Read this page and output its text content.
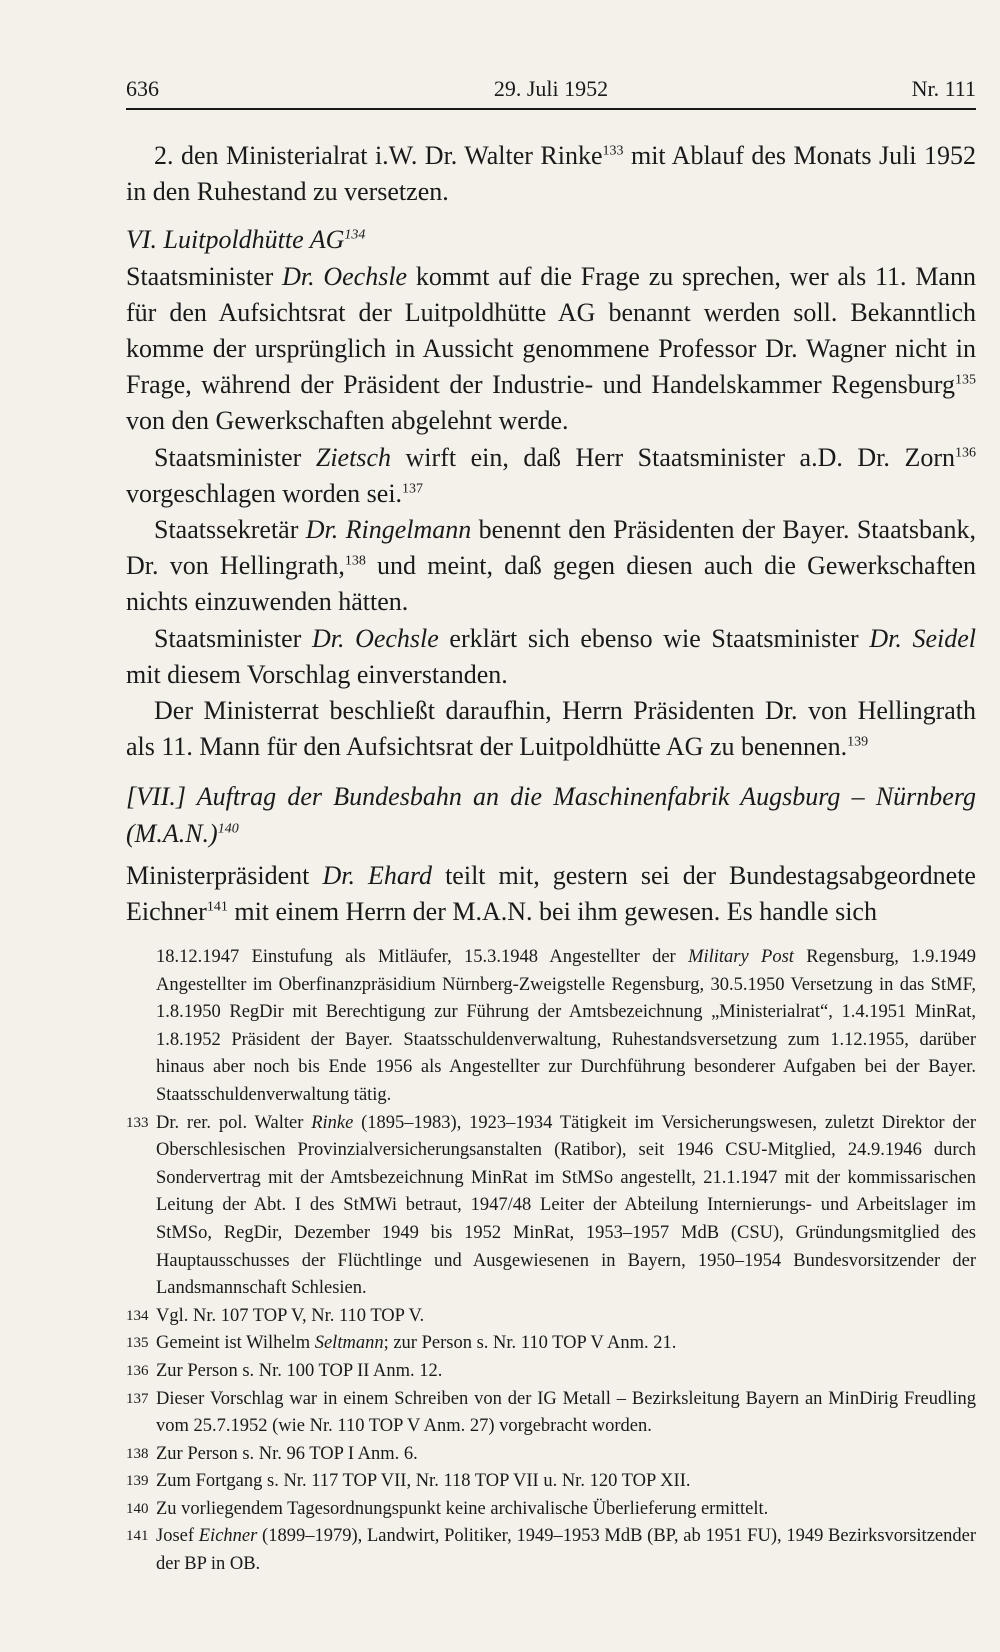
636	29. Juli 1952	Nr. 111

2. den Ministerialrat i.W. Dr. Walter Rinke$^{133}$ mit Ablauf des Monats Juli 1952 in den Ruhestand zu versetzen.

VI. Luitpoldhütte AG$^{134}$

Staatsminister Dr. Oechsle kommt auf die Frage zu sprechen, wer als 11. Mann für den Aufsichtsrat der Luitpoldhütte AG benannt werden soll. Bekanntlich komme der ursprünglich in Aussicht genommene Professor Dr. Wagner nicht in Frage, während der Präsident der Industrie- und Handelskammer Regensburg$^{135}$ von den Gewerkschaften abgelehnt werde.

Staatsminister Zietsch wirft ein, daß Herr Staatsminister a.D. Dr. Zorn$^{136}$ vorgeschlagen worden sei.$^{137}$

Staatssekretär Dr. Ringelmann benennt den Präsidenten der Bayer. Staatsbank, Dr. von Hellingrath,$^{138}$ und meint, daß gegen diesen auch die Gewerkschaften nichts einzuwenden hätten.

Staatsminister Dr. Oechsle erklärt sich ebenso wie Staatsminister Dr. Seidel mit diesem Vorschlag einverstanden.

Der Ministerrat beschließt daraufhin, Herrn Präsidenten Dr. von Hellingrath als 11. Mann für den Aufsichtsrat der Luitpoldhütte AG zu benennen.$^{139}$

[VII.] Auftrag der Bundesbahn an die Maschinenfabrik Augsburg – Nürnberg $(M.A.N.)^{140}$

Ministerpräsident Dr. Ehard teilt mit, gestern sei der Bundestagsabgeordnete Eichner$^{141}$ mit einem Herrn der M.A.N. bei ihm gewesen. Es handle sich

18.12.1947 Einstufung als Mitläufer, 15.3.1948 Angestellter der Military Post Regensburg, 1.9.1949 Angestellter im Oberfinanzpräsidium Nürnberg-Zweigstelle Regensburg, 30.5.1950 Versetzung in das StMF, 1.8.1950 RegDir mit Berechtigung zur Führung der Amtsbezeichnung „Ministerialrat“, 1.4.1951 MinRat, 1.8.1952 Präsident der Bayer. Staatsschuldenverwaltung, Ruhestandsversetzung zum 1.12.1955, darüber hinaus aber noch bis Ende 1956 als Angestellter zur Durchführung besonderer Aufgaben bei der Bayer. Staatsschuldenverwaltung tätig.

133 Dr. rer. pol. Walter Rinke (1895–1983), 1923–1934 Tätigkeit im Versicherungswesen, zuletzt Direktor der Oberschlesischen Provinzialversicherungsanstalten (Ratibor), seit 1946 CSU-Mitglied, 24.9.1946 durch Sondervertrag mit der Amtsbezeichnung MinRat im StMSo angestellt, 21.1.1947 mit der kommissarischen Leitung der Abt. I des StMWi betraut, 1947/48 Leiter der Abteilung Internierungs- und Arbeitslager im StMSo, RegDir, Dezember 1949 bis 1952 MinRat, 1953–1957 MdB (CSU), Gründungsmitglied des Hauptausschusses der Flüchtlinge und Ausgewiesenen in Bayern, 1950–1954 Bundesvorsitzender der Landsmannschaft Schlesien.

134 Vgl. Nr. 107 TOP V, Nr. 110 TOP V.

135 Gemeint ist Wilhelm Seltmann; zur Person s. Nr. 110 TOP V Anm. 21.

136 Zur Person s. Nr. 100 TOP II Anm. 12.

137 Dieser Vorschlag war in einem Schreiben von der IG Metall – Bezirksleitung Bayern an MinDirig Freudling vom 25.7.1952 (wie Nr. 110 TOP V Anm. 27) vorgebracht worden.

138 Zur Person s. Nr. 96 TOP I Anm. 6.

139 Zum Fortgang s. Nr. 117 TOP VII, Nr. 118 TOP VII u. Nr. 120 TOP XII.

140 Zu vorliegendem Tagesordnungspunkt keine archivalische Überlieferung ermittelt.

141 Josef Eichner (1899–1979), Landwirt, Politiker, 1949–1953 MdB (BP, ab 1951 FU), 1949 Bezirksvorsitzender der BP in OB.
